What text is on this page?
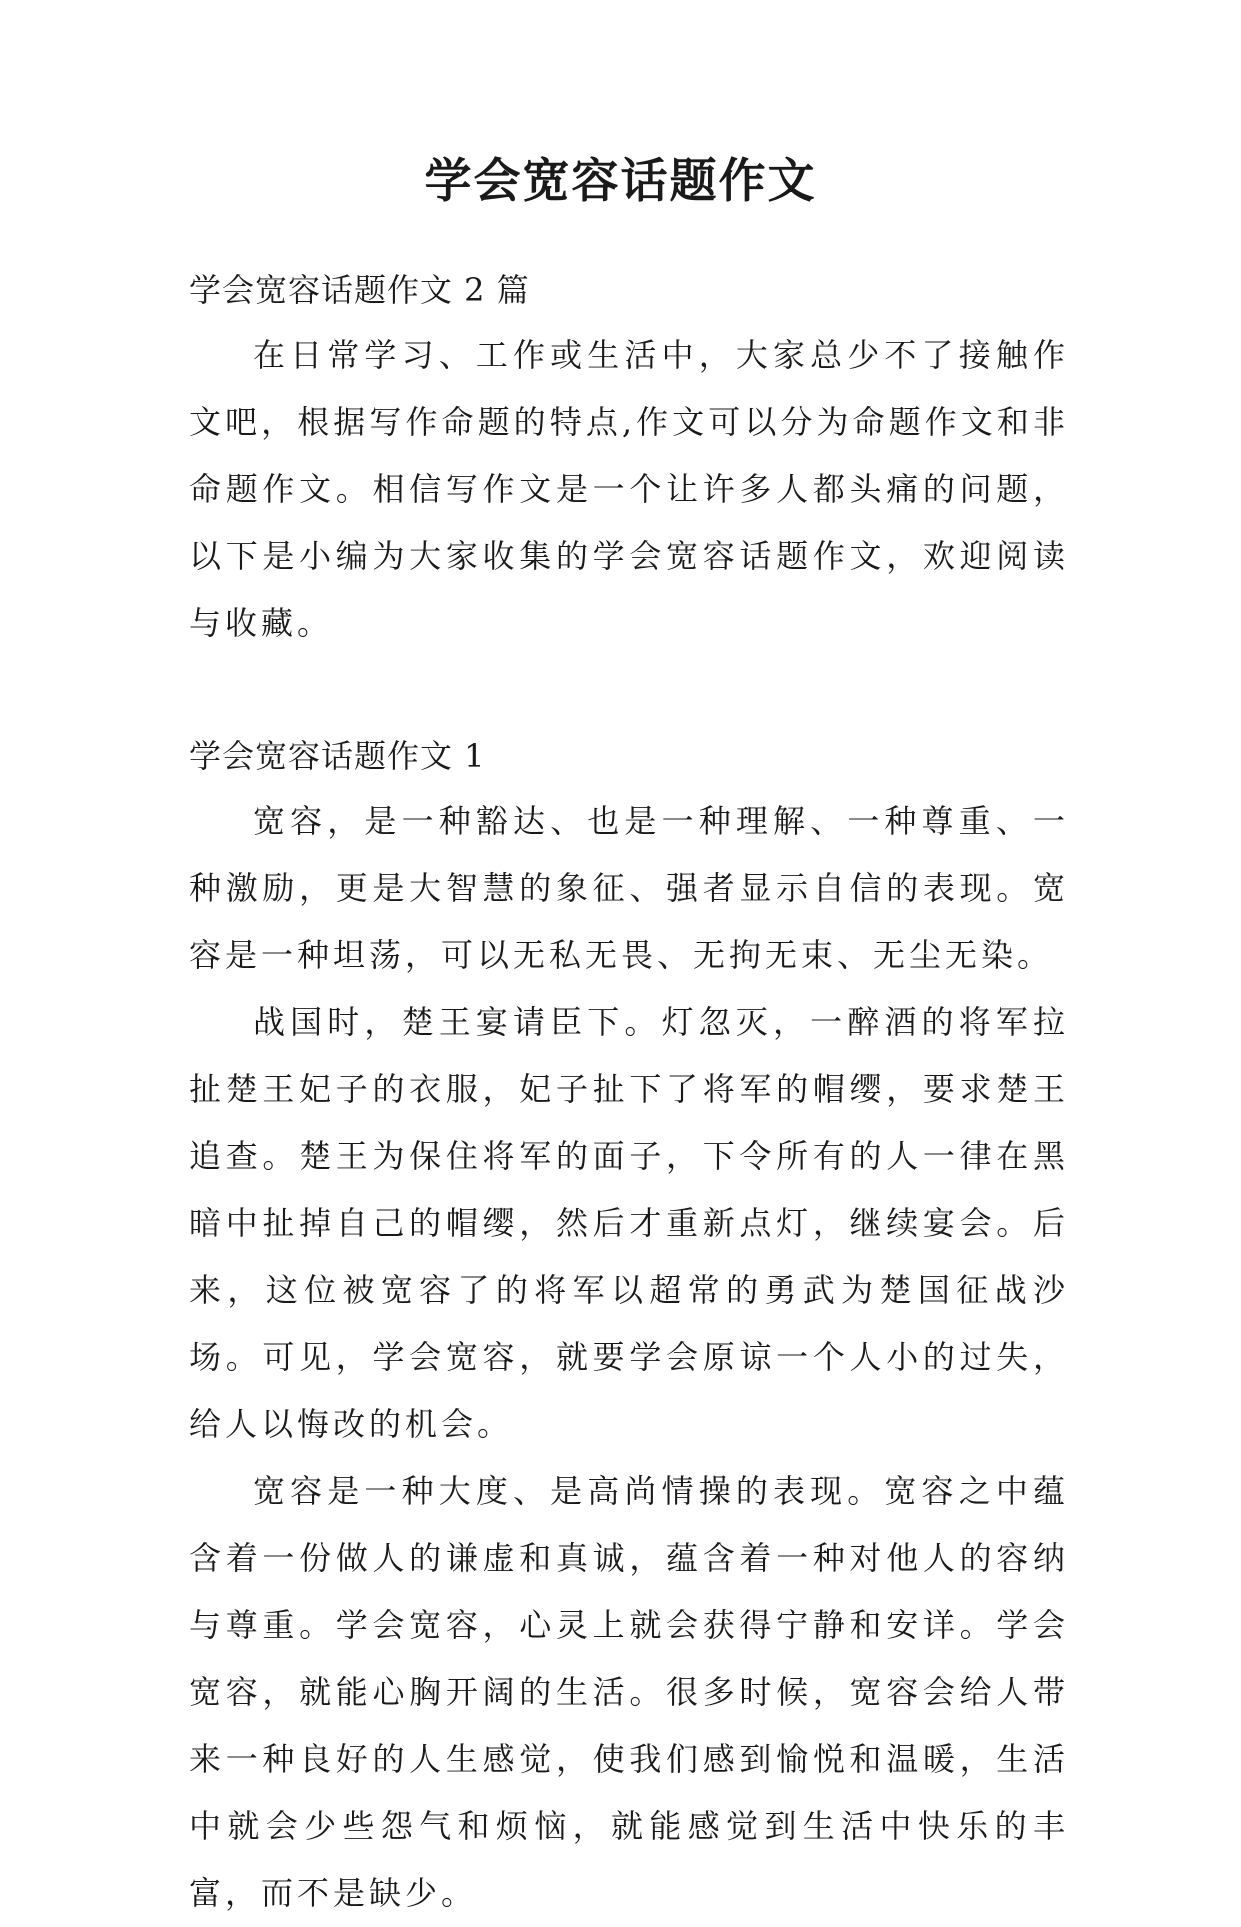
学会宽容话题作文

学会宽容话题作文 2 篇

在日常学习、工作或生活中，大家总少不了接触作文吧，根据写作命题的特点,作文可以分为命题作文和非命题作文。相信写作文是一个让许多人都头痛的问题，以下是小编为大家收集的学会宽容话题作文，欢迎阅读与收藏。

学会宽容话题作文 1

宽容，是一种豁达、也是一种理解、一种尊重、一种激励，更是大智慧的象征、强者显示自信的表现。宽容是一种坦荡，可以无私无畏、无拘无束、无尘无染。

战国时，楚王宴请臣下。灯忽灭，一醉酒的将军拉扯楚王妃子的衣服，妃子扯下了将军的帽缨，要求楚王追查。楚王为保住将军的面子，下令所有的人一律在黑暗中扯掉自己的帽缨，然后才重新点灯，继续宴会。后来，这位被宽容了的将军以超常的勇武为楚国征战沙场。可见，学会宽容，就要学会原谅一个人小的过失，给人以悔改的机会。

宽容是一种大度、是高尚情操的表现。宽容之中蕴含着一份做人的谦虚和真诚，蕴含着一种对他人的容纳与尊重。学会宽容，心灵上就会获得宁静和安详。学会宽容，就能心胸开阔的生活。很多时候，宽容会给人带来一种良好的人生感觉，使我们感到愉悦和温暖，生活中就会少些怨气和烦恼，就能感觉到生活中快乐的丰富，而不是缺少。
